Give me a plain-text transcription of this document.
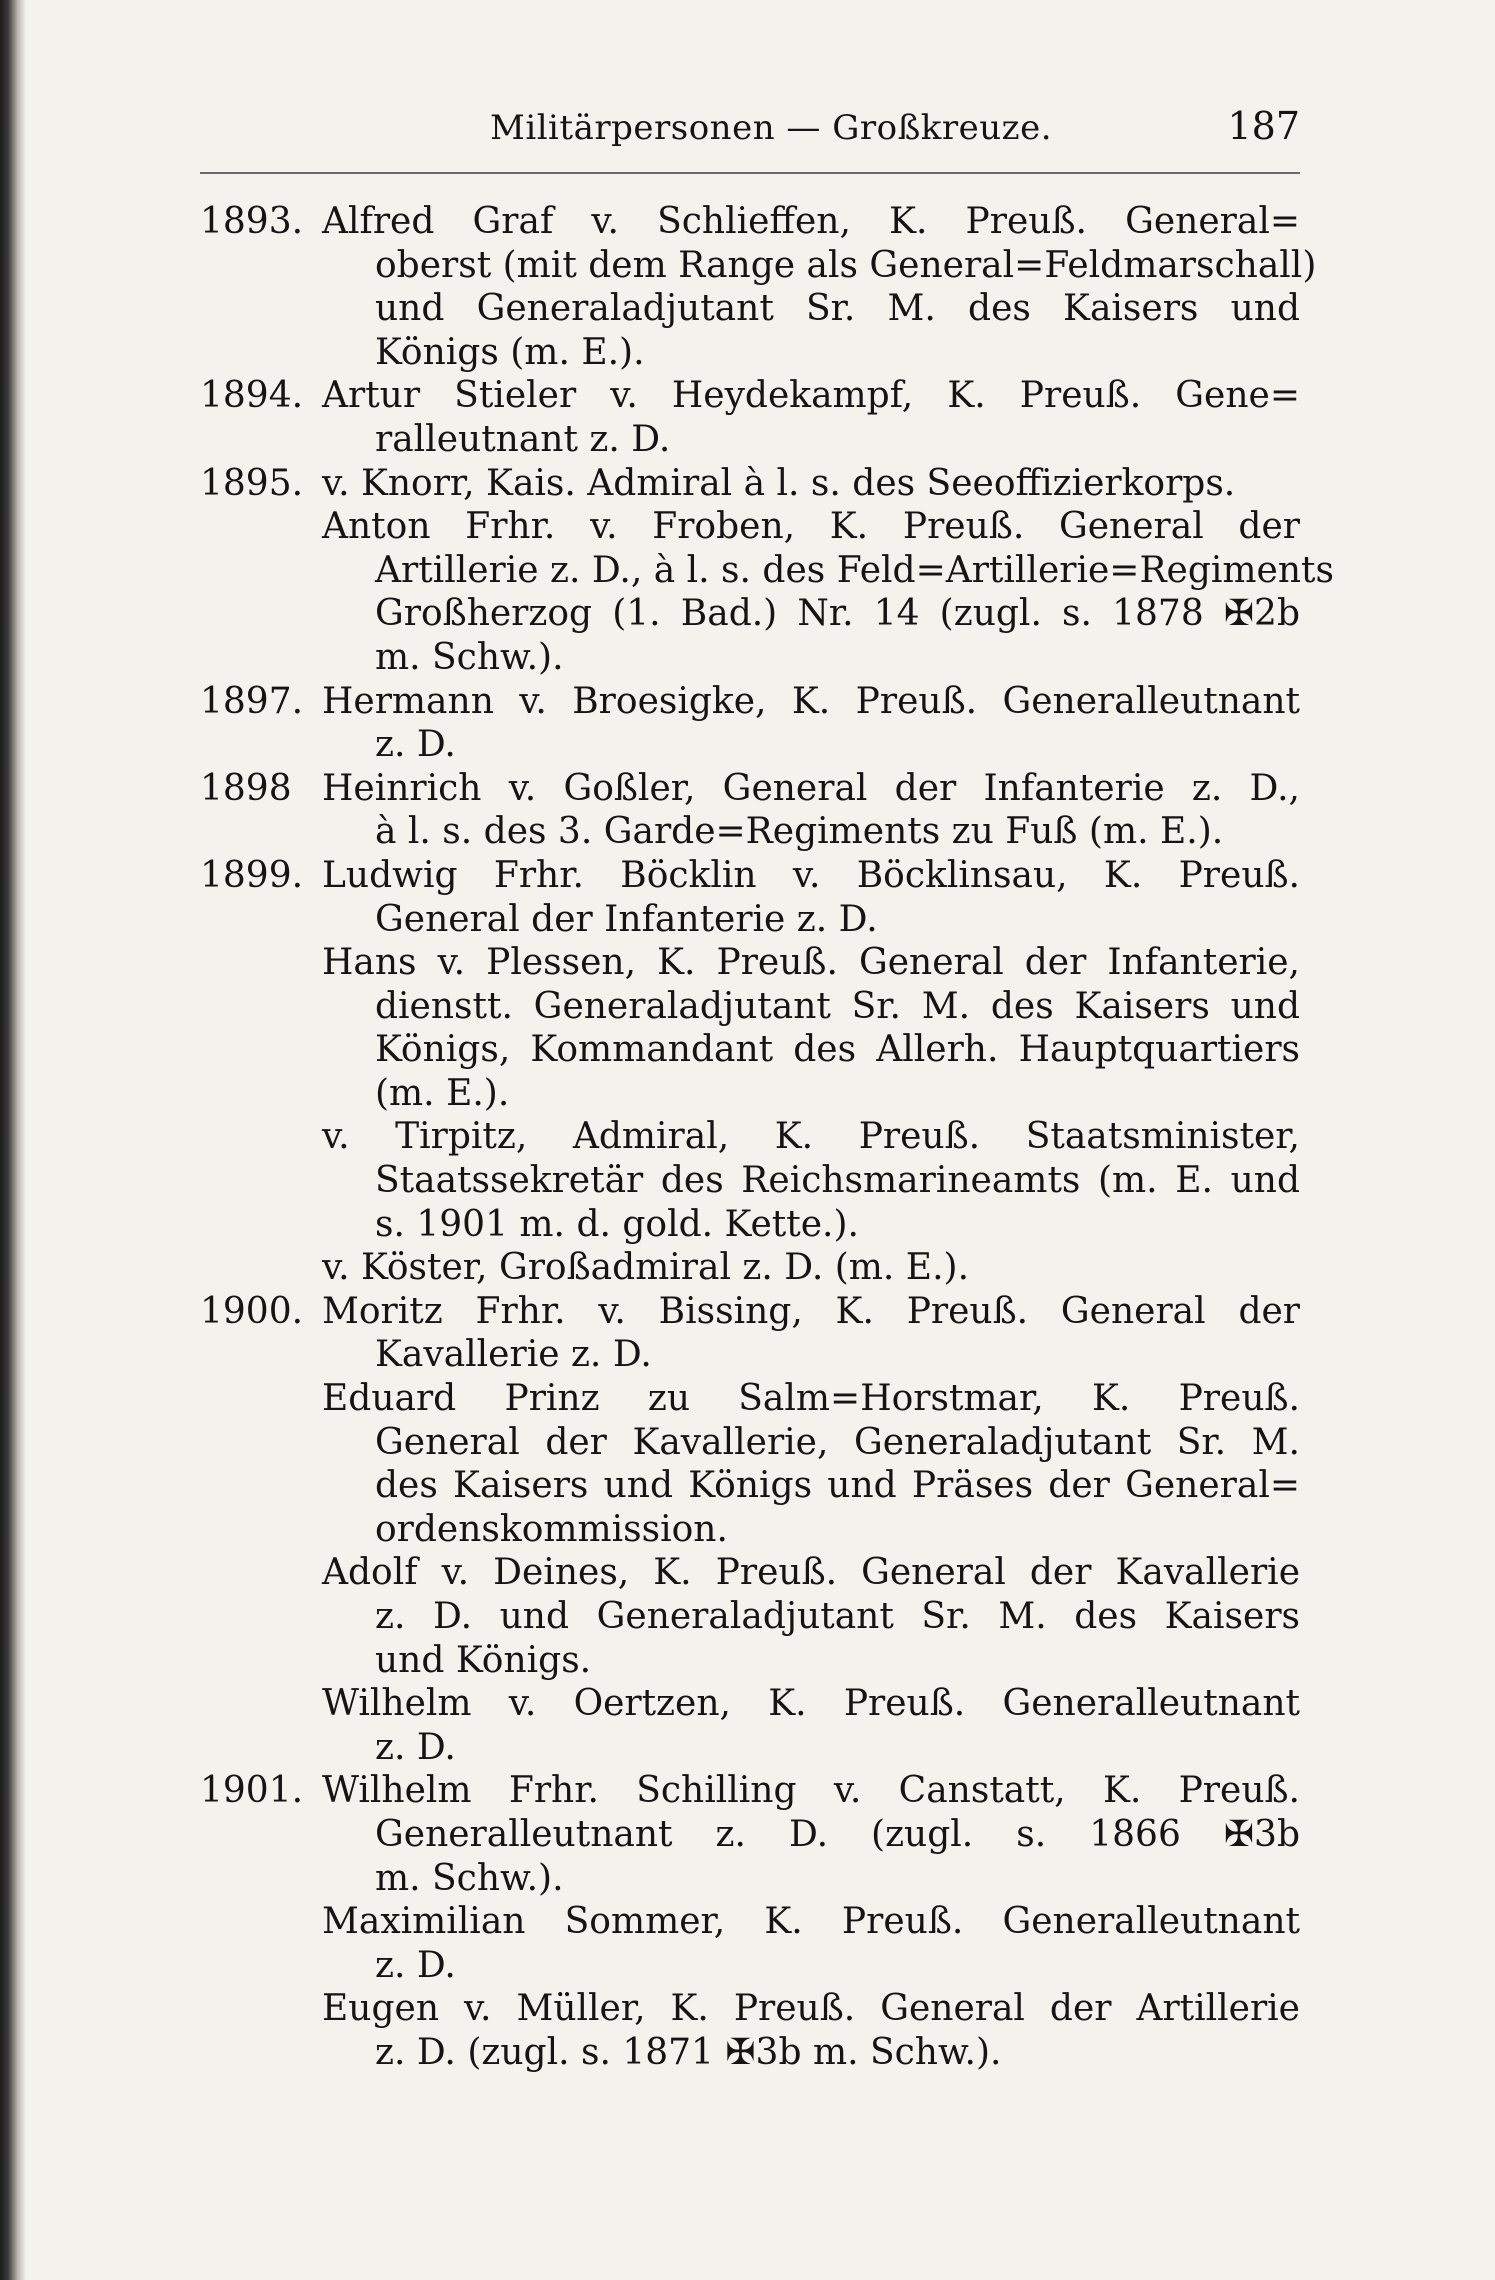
Militärpersonen — Großkreuze.	187
1893. Alfred Graf v. Schlieffen, K. Preuß. General=
oberst (mit dem Range als General=Feldmarschall)
und Generaladjutant Sr. M. des Kaisers und
Königs (m. E.).
1894. Artur Stieler v. Heydekampf, K. Preuß. Gene=
ralleutnant z. D.
1895. v. Knorr, Kais. Admiral à l. s. des Seeoffizierkorps.
Anton Frhr. v. Froben, K. Preuß. General der
Artillerie z. D., à l. s. des Feld=Artillerie=Regiments
Großherzog (1. Bad.) Nr. 14 (zugl. s. 1878 ✠2b
m. Schw.).
1897. Hermann v. Broesigke, K. Preuß. Generalleutnant
z. D.
1898 Heinrich v. Goßler, General der Infanterie z. D.,
à l. s. des 3. Garde=Regiments zu Fuß (m. E.).
1899. Ludwig Frhr. Böcklin v. Böcklinsau, K. Preuß.
General der Infanterie z. D.
Hans v. Plessen, K. Preuß. General der Infanterie,
dienstt. Generaladjutant Sr. M. des Kaisers und
Königs, Kommandant des Allerh. Hauptquartiers
(m. E.).
v. Tirpitz, Admiral, K. Preuß. Staatsminister,
Staatssekretär des Reichsmarineamts (m. E. und
s. 1901 m. d. gold. Kette.).
v. Köster, Großadmiral z. D. (m. E.).
1900. Moritz Frhr. v. Bissing, K. Preuß. General der
Kavallerie z. D.
Eduard Prinz zu Salm=Horstmar, K. Preuß.
General der Kavallerie, Generaladjutant Sr. M.
des Kaisers und Königs und Präses der General=
ordenskommission.
Adolf v. Deines, K. Preuß. General der Kavallerie
z. D. und Generaladjutant Sr. M. des Kaisers
und Königs.
Wilhelm v. Oertzen, K. Preuß. Generalleutnant
z. D.
1901. Wilhelm Frhr. Schilling v. Canstatt, K. Preuß.
Generalleutnant z. D. (zugl. s. 1866 ✠3b
m. Schw.).
Maximilian Sommer, K. Preuß. Generalleutnant
z. D.
Eugen v. Müller, K. Preuß. General der Artillerie
z. D. (zugl. s. 1871 ✠3b m. Schw.).
